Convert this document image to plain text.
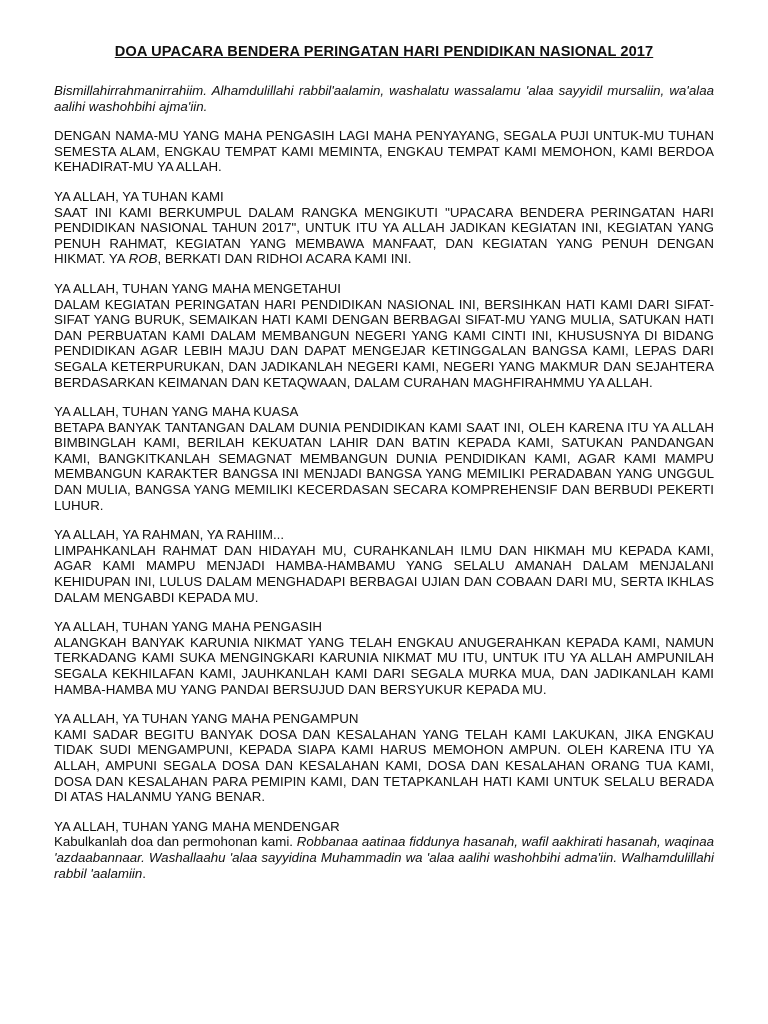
DOA UPACARA BENDERA PERINGATAN HARI PENDIDIKAN NASIONAL 2017

Bismillahirrahmanirrahiim. Alhamdulillahi rabbil'aalamin, washalatu wassalamu 'alaa sayyidil mursaliin, wa'alaa aalihi washohbihi ajma'iin.

DENGAN NAMA-MU YANG MAHA PENGASIH LAGI MAHA PENYAYANG, SEGALA PUJI UNTUK-MU TUHAN SEMESTA ALAM, ENGKAU TEMPAT KAMI MEMINTA, ENGKAU TEMPAT KAMI MEMOHON, KAMI BERDOA KEHADIRAT-MU YA ALLAH.

YA ALLAH, YA TUHAN KAMI
SAAT INI KAMI BERKUMPUL DALAM RANGKA MENGIKUTI "UPACARA BENDERA PERINGATAN HARI PENDIDIKAN NASIONAL TAHUN 2017", UNTUK ITU YA ALLAH JADIKAN KEGIATAN INI, KEGIATAN YANG PENUH RAHMAT, KEGIATAN YANG MEMBAWA MANFAAT, DAN KEGIATAN YANG PENUH DENGAN HIKMAT. YA ROB, BERKATI DAN RIDHOI ACARA KAMI INI.

YA ALLAH, TUHAN YANG MAHA MENGETAHUI
DALAM KEGIATAN PERINGATAN HARI PENDIDIKAN NASIONAL INI, BERSIHKAN HATI KAMI DARI SIFAT-SIFAT YANG BURUK, SEMAIKAN HATI KAMI DENGAN BERBAGAI SIFAT-MU YANG MULIA, SATUKAN HATI DAN PERBUATAN KAMI DALAM MEMBANGUN NEGERI YANG KAMI CINTI INI, KHUSUSNYA DI BIDANG PENDIDIKAN AGAR LEBIH MAJU DAN DAPAT MENGEJAR KETINGGALAN BANGSA KAMI, LEPAS DARI SEGALA KETERPURUKAN, DAN JADIKANLAH NEGERI KAMI, NEGERI YANG MAKMUR DAN SEJAHTERA BERDASARKAN KEIMANAN DAN KETAQWAAN, DALAM CURAHAN MAGHFIRAHMMU YA ALLAH.

YA ALLAH, TUHAN YANG MAHA KUASA
BETAPA BANYAK TANTANGAN DALAM DUNIA PENDIDIKAN KAMI SAAT INI, OLEH KARENA ITU YA ALLAH BIMBINGLAH KAMI, BERILAH KEKUATAN LAHIR DAN BATIN KEPADA KAMI, SATUKAN PANDANGAN KAMI, BANGKITKANLAH SEMAGNAT MEMBANGUN DUNIA PENDIDIKAN KAMI, AGAR KAMI MAMPU MEMBANGUN KARAKTER BANGSA INI MENJADI BANGSA YANG MEMILIKI PERADABAN YANG UNGGUL DAN MULIA, BANGSA YANG MEMILIKI KECERDASAN SECARA KOMPREHENSIF DAN BERBUDI PEKERTI LUHUR.

YA ALLAH, YA RAHMAN, YA RAHIIM...
LIMPAHKANLAH RAHMAT DAN HIDAYAH MU, CURAHKANLAH ILMU DAN HIKMAH MU KEPADA KAMI, AGAR KAMI MAMPU MENJADI HAMBA-HAMBAMU YANG SELALU AMANAH DALAM MENJALANI KEHIDUPAN INI, LULUS DALAM MENGHADAPI BERBAGAI UJIAN DAN COBAAN DARI MU, SERTA IKHLAS DALAM MENGABDI KEPADA MU.

YA ALLAH, TUHAN YANG MAHA PENGASIH
ALANGKAH BANYAK KARUNIA NIKMAT YANG TELAH ENGKAU ANUGERAHKAN KEPADA KAMI, NAMUN TERKADANG KAMI SUKA MENGINGKARI KARUNIA NIKMAT MU ITU, UNTUK ITU YA ALLAH AMPUNILAH SEGALA KEKHILAFAN KAMI, JAUHKANLAH KAMI DARI SEGALA MURKA MUA, DAN JADIKANLAH KAMI HAMBA-HAMBA MU YANG PANDAI BERSUJUD DAN BERSYUKUR KEPADA MU.

YA ALLAH, YA TUHAN YANG MAHA PENGAMPUN
KAMI SADAR BEGITU BANYAK DOSA DAN KESALAHAN YANG TELAH KAMI LAKUKAN, JIKA ENGKAU TIDAK SUDI MENGAMPUNI, KEPADA SIAPA KAMI HARUS MEMOHON AMPUN. OLEH KARENA ITU YA ALLAH, AMPUNI SEGALA DOSA DAN KESALAHAN KAMI, DOSA DAN KESALAHAN ORANG TUA KAMI, DOSA DAN KESALAHAN PARA PEMIPIN KAMI, DAN TETAPKANLAH HATI KAMI UNTUK SELALU BERADA DI ATAS HALANMU YANG BENAR.

YA ALLAH, TUHAN YANG MAHA MENDENGAR
Kabulkanlah doa dan permohonan kami. Robbanaa aatinaa fiddunya hasanah, wafil aakhirati hasanah, waqinaa 'azdaabannaar. Washallaahu 'alaa sayyidina Muhammadin wa 'alaa aalihi washohbihi adma'iin. Walhamdulillahi rabbil 'aalamiin.
